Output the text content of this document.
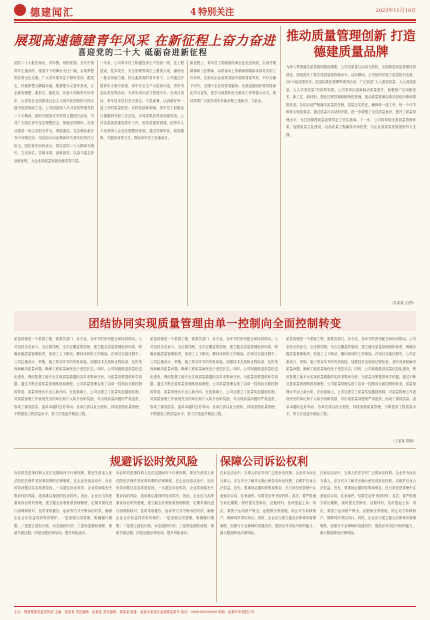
德建闻汇	4  特别关注	2023年11月10日
展现高速德建青年风采 在新征程上奋力奋进
喜迎党的二十大 砥砺奋进新征程
党的二十大报告指出，青年强，则国家强。当代中国青年生逢其时，施展才干的舞台无比广阔，实现梦想的前景无比光明。广大青年要坚定不移听党话、跟党走，怀抱梦想又脚踏实地，敢想敢为又善作善成，立志做有理想、敢担当、能吃苦、肯奋斗的新时代好青年，让青春在全面建设社会主义现代化国家的火热实践中绽放绚丽之花。公司团委深入学习宣传贯彻党的二十大精神，组织开展形式多样的主题团日活动，引导广大团员青年坚定理想信念，厚植爱国情怀，在项目建设一线主动担当作为，勇挑重担，在急难险重任务中冲锋在前，用实际行动诠释新时代青年的责任与担当。团员青年纷纷表示，将以党的二十大精神为指引，立足岗位、苦练本领、创新创效，以奋斗姿态奔赴新征程，为企业高质量发展贡献青春力量。
一年来，公司青年员工积极投身生产经营一线，在工程建设、技术攻关、安全管理等岗位上勇挑大梁，涌现出一批业务能力强、综合素质高的青年骨干。公司通过开展青年文明号创建、青年安全生产示范岗评选、青年突击队攻坚等活动，为青年成长成才搭建平台。在项目现场，青年技术员们坚守岗位，不畏寒暑，认真做好每一道工序的质量把控；在科技创新领域，青年员工积极参与课题研究和工法总结，多项成果获得省部级奖项。公司党委高度重视青年工作，坚持党建带团建，把青年人才培养纳入企业发展整体规划，通过导师带徒、轮岗锻炼、专题培训等方式，帮助青年员工快速成长。
新征程上，青年员工将继续传承企业优良传统，弘扬劳模精神和工匠精神，以昂扬向上的精神面貌和求真务实的工作作风，在推动企业改革发展中展现青春风采，书写无愧于时代、无愧于企业的青春篇章。各基层团组织将持续深化学习宣传，把学习成果转化为推动工作的强大动力，团结带领广大团员青年在新征程上建新功、立新业。
推动质量管理创新 打造德建质量品牌
为深入贯彻落实质量强国建设纲要，公司以质量月活动为契机，全面推进质量管理体系建设，持续提升工程实体质量和管理水平。活动期间，公司组织开展了质量知识竞赛、QC小组成果发布、质量标准化观摩等系列活动，广泛营造“人人重视质量、人人创造质量、人人享受质量”的浓厚氛围。公司坚持以创新驱动质量提升，积极推广应用新技术、新工艺、新材料，强化过程控制和精细化管理，推动质量管理由事后检验向事前预防转变。各项目部严格落实质量责任制，层层压实责任，确保每一道工序、每一个环节都符合规范要求。通过质量月活动的开展，进一步增强了全员质量意识，提升了质量管理水平，为打造德建质量品牌奠定了坚实基础。下一步，公司将持续完善质量管理体系，加强质量文化建设，以高质量工程赢得市场信誉，为企业高质量发展提供有力支撑。
（苏某某 文/图）
团结协同实现质量管理由单一控制向全面控制转变
质量管理是一个系统工程，需要各部门、各专业、各环节的密切配合和协同联动。公司坚持全员参与、全过程控制、全方位覆盖的原则，建立健全质量管理组织体系，明确各级质量管理职责，形成了上下联动、横向协同的工作格局。在项目实施过程中，公司注重设计、采购、施工等各环节的有机衔接，加强技术交底和过程检查，及时发现和解决质量问题，确保工程质量始终处于受控状态。同时，公司积极推进质量信息化建设，利用智慧工地平台实现质量数据的实时采集和分析，为质量决策提供科学依据。通过不断完善质量管理制度和流程，公司质量管理实现了由单一控制向全面控制的转变，质量管理水平迈上新台阶。在此基础上，公司还建立了质量奖惩激励机制，对质量管理工作表现突出的单位和个人给予表彰奖励，对出现质量问题的严肃追责，形成了重视质量、追求卓越的良好导向。各单位将以此为契机，持续加强质量管理，不断提高工程质量水平，努力打造更多精品工程。
质量管理是一个系统工程，需要各部门、各专业、各环节的密切配合和协同联动。公司坚持全员参与、全过程控制、全方位覆盖的原则，建立健全质量管理组织体系，明确各级质量管理职责，形成了上下联动、横向协同的工作格局。在项目实施过程中，公司注重设计、采购、施工等各环节的有机衔接，加强技术交底和过程检查，及时发现和解决质量问题，确保工程质量始终处于受控状态。同时，公司积极推进质量信息化建设，利用智慧工地平台实现质量数据的实时采集和分析，为质量决策提供科学依据。通过不断完善质量管理制度和流程，公司质量管理实现了由单一控制向全面控制的转变，质量管理水平迈上新台阶。在此基础上，公司还建立了质量奖惩激励机制，对质量管理工作表现突出的单位和个人给予表彰奖励，对出现质量问题的严肃追责，形成了重视质量、追求卓越的良好导向。各单位将以此为契机，持续加强质量管理，不断提高工程质量水平，努力打造更多精品工程。
质量管理是一个系统工程，需要各部门、各专业、各环节的密切配合和协同联动。公司坚持全员参与、全过程控制、全方位覆盖的原则，建立健全质量管理组织体系，明确各级质量管理职责，形成了上下联动、横向协同的工作格局。在项目实施过程中，公司注重设计、采购、施工等各环节的有机衔接，加强技术交底和过程检查，及时发现和解决质量问题，确保工程质量始终处于受控状态。同时，公司积极推进质量信息化建设，利用智慧工地平台实现质量数据的实时采集和分析，为质量决策提供科学依据。通过不断完善质量管理制度和流程，公司质量管理实现了由单一控制向全面控制的转变，质量管理水平迈上新台阶。在此基础上，公司还建立了质量奖惩激励机制，对质量管理工作表现突出的单位和个人给予表彰奖励，对出现质量问题的严肃追责，形成了重视质量、追求卓越的良好导向。各单位将以此为契机，持续加强质量管理，不断提高工程质量水平，努力打造更多精品工程。
（王某某 供稿）
规避诉讼时效风险 保障公司诉讼权利
诉讼时效是指权利人在法定期间内不行使权利，即丧失请求人民法院依法保护其民事权利的法律制度。在企业经营活动中，诉讼时效问题往往容易被忽视，一旦超过诉讼时效，企业将面临丧失胜诉权的风险，造成难以挽回的经济损失。因此，企业应当高度重视诉讼时效管理，建立健全应收账款管理制度，定期对债权进行清理和核对，及时采取催告、起诉等方式中断诉讼时效，确保企业合法权益得到有效保护。一是加强合同管理，明确履行期限；二是建立债权台账，动态跟踪时效；三是规范催收流程，保留书面证据；四是加强法律培训，提升风险意识。
诉讼时效是指权利人在法定期间内不行使权利，即丧失请求人民法院依法保护其民事权利的法律制度。在企业经营活动中，诉讼时效问题往往容易被忽视，一旦超过诉讼时效，企业将面临丧失胜诉权的风险，造成难以挽回的经济损失。因此，企业应当高度重视诉讼时效管理，建立健全应收账款管理制度，定期对债权进行清理和核对，及时采取催告、起诉等方式中断诉讼时效，确保企业合法权益得到有效保护。一是加强合同管理，明确履行期限；二是建立债权台账，动态跟踪时效；三是规范催收流程，保留书面证据；四是加强法律培训，提升风险意识。
在诉讼活动中，当事人依法享有广泛的诉讼权利。企业作为诉讼当事人，应当充分了解并正确行使各项诉讼权利，以维护自身合法权益。首先，要重视证据的收集和保存，在日常经营管理中注意留存合同、往来函件、结算凭证等书面材料；其次，要严格遵守诉讼期限，按时提交答辩状、证据材料，及时提起上诉；再次，要善于运用财产保全、证据保全等措施，防止对方转移财产，保障判决得以执行。同时，企业应当建立健全法律事务管理制度，加强与专业律师的沟通协作，提高应对诉讼纠纷的能力，最大限度降低法律风险。
在诉讼活动中，当事人依法享有广泛的诉讼权利。企业作为诉讼当事人，应当充分了解并正确行使各项诉讼权利，以维护自身合法权益。首先，要重视证据的收集和保存，在日常经营管理中注意留存合同、往来函件、结算凭证等书面材料；其次，要严格遵守诉讼期限，按时提交答辩状、证据材料，及时提起上诉；再次，要善于运用财产保全、证据保全等措施，防止对方转移财产，保障判决得以执行。同时，企业应当建立健全法律事务管理制度，加强与专业律师的沟通协作，提高应对诉讼纠纷的能力，最大限度降低法律风险。
主办：德建集团党委宣传部 主编：某某某 责任编辑：某某某 美术编辑：某某某 地址：某某市某某区某某路某某号 电话：0000-00000000 印刷：某某印务有限公司
